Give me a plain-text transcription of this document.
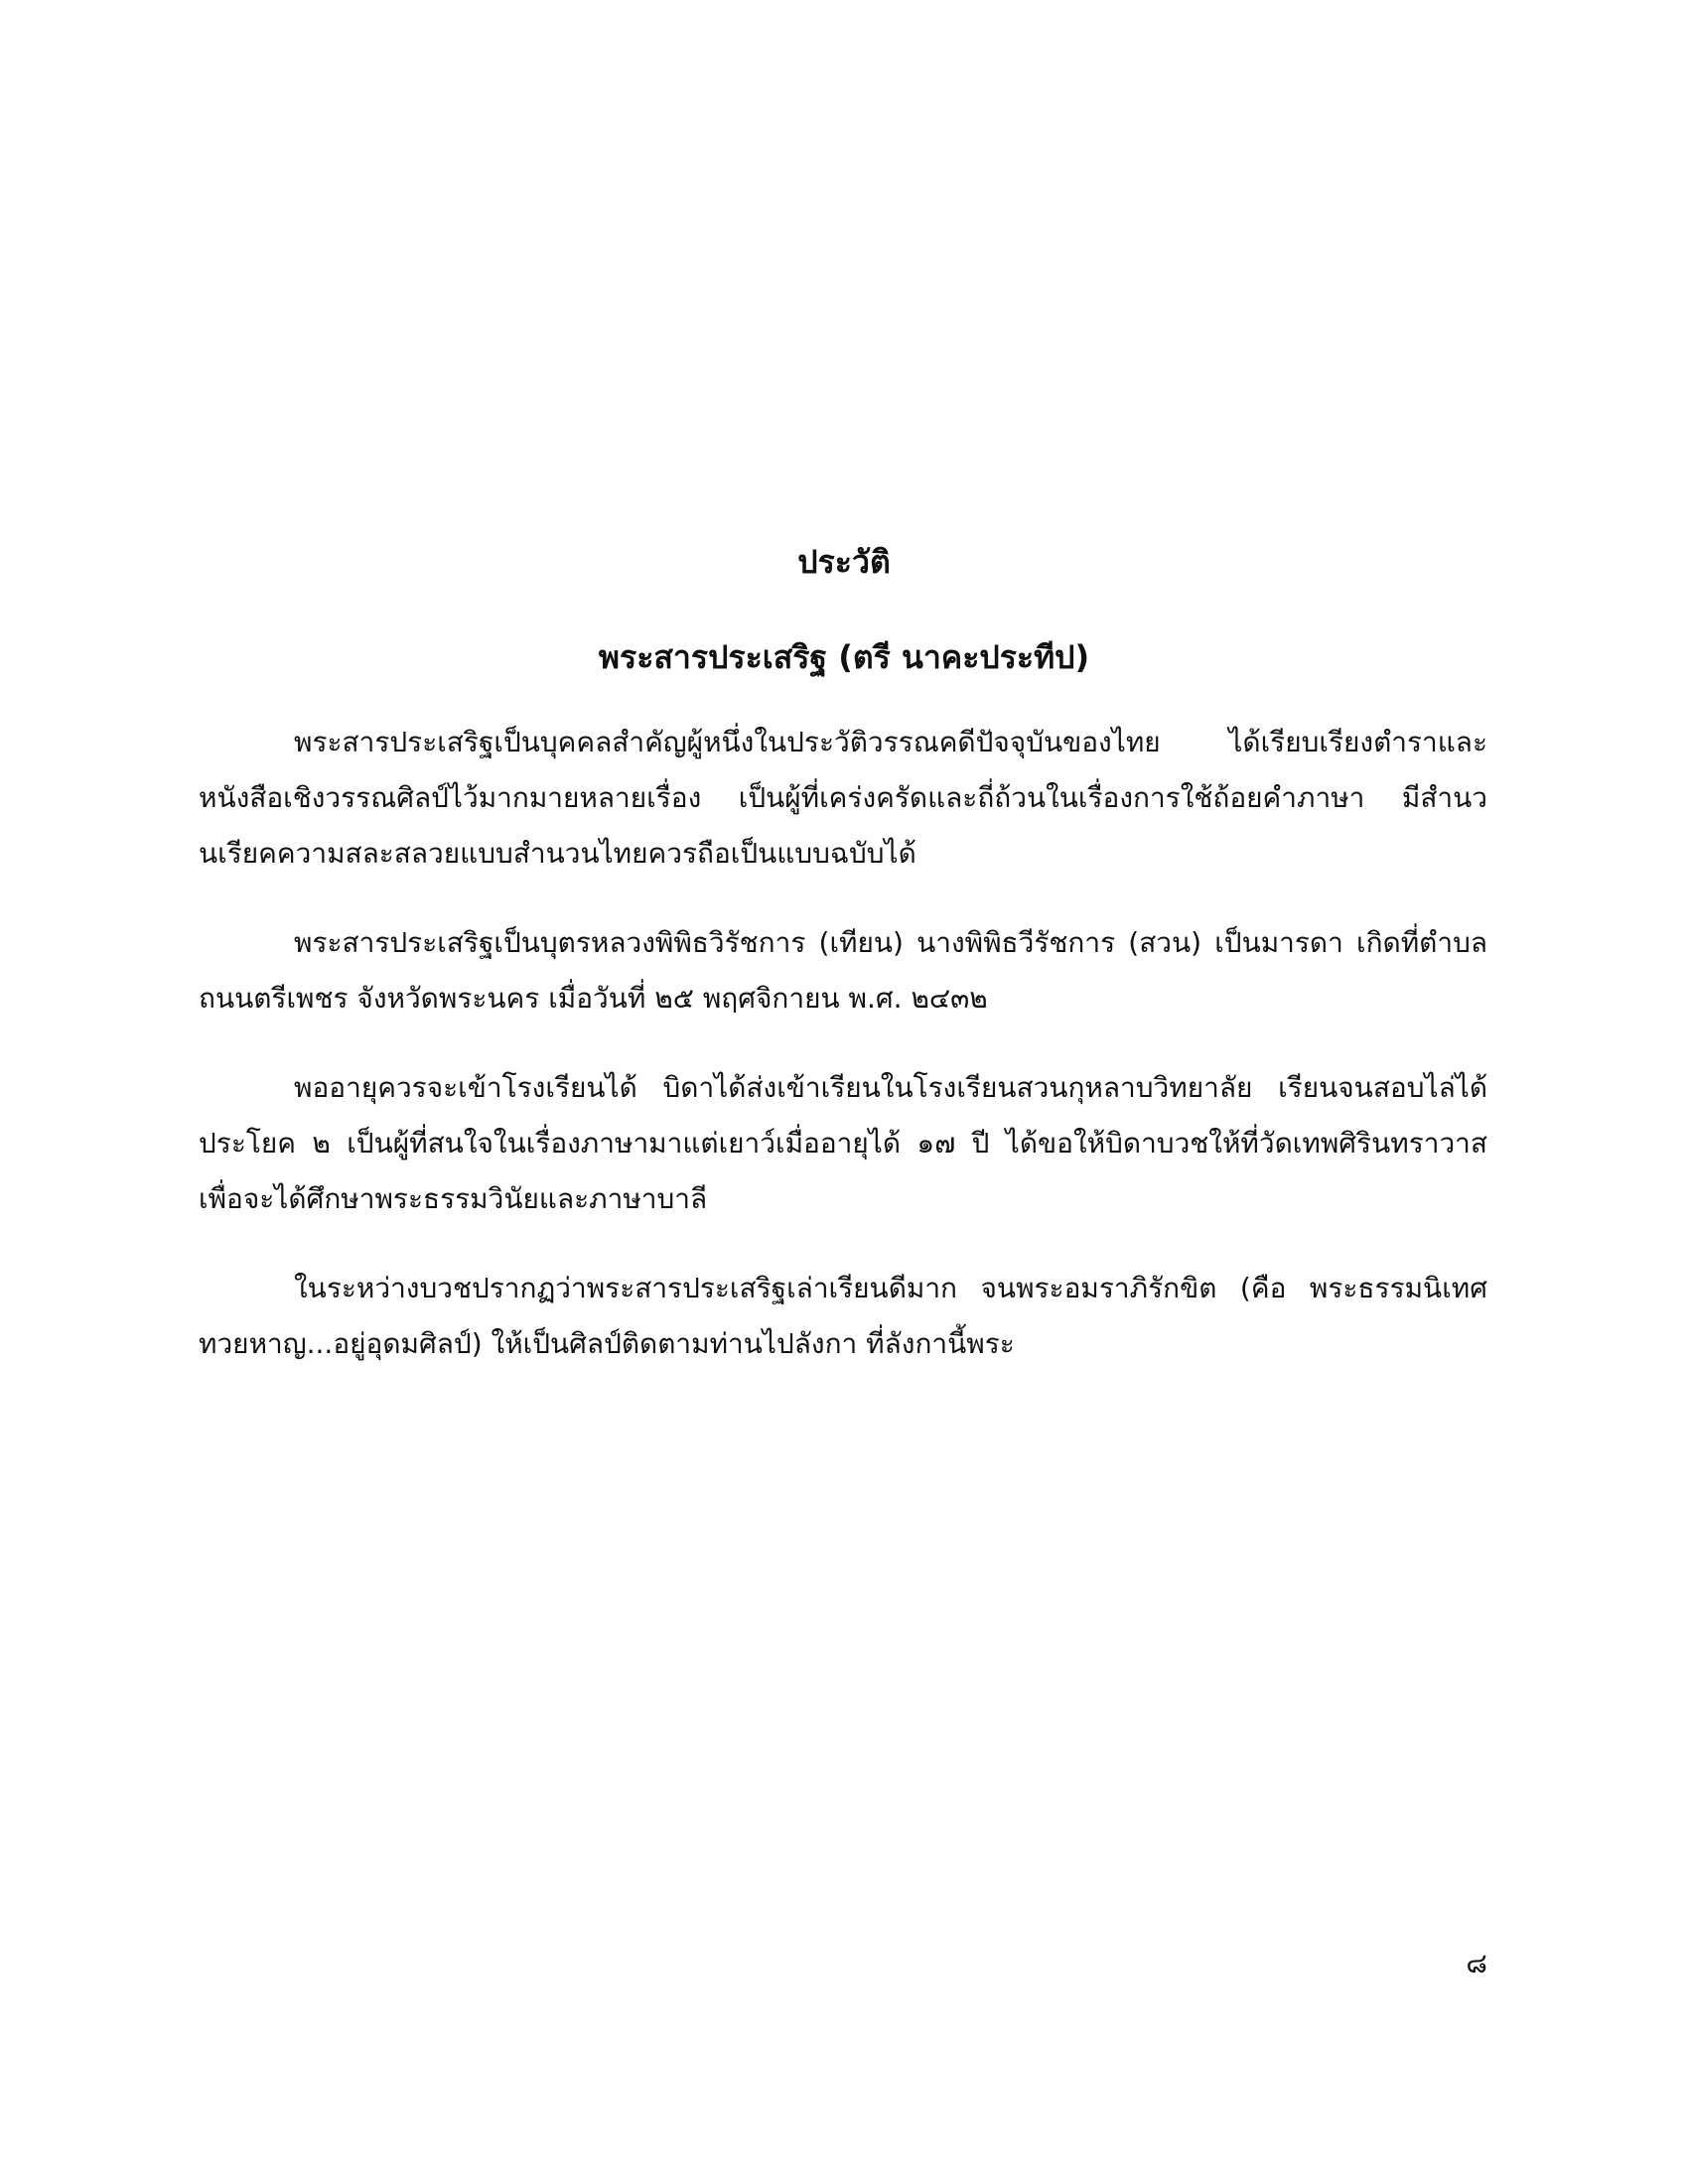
ประวัติ
พระสารประเสริฐ (ตรี นาคะประทีป)

พระสารประเสริฐเป็นบุคคลสำคัญผู้หนึ่งในประวัติวรรณคดีปัจจุบันของไทย ได้เรียบเรียงตำราและหนังสือเชิงวรรณศิลป์ไว้มากมายหลายเรื่อง เป็นผู้ที่เคร่งครัดและถี่ถ้วนในเรื่องการใช้ถ้อยคำภาษา มีสำนวนเรียคความสละสลวยแบบสำนวนไทยควรถือเป็นแบบฉบับได้

พระสารประเสริฐเป็นบุตรหลวงพิพิธวิรัชการ (เทียน) นางพิพิธวีรัชการ (สวน) เป็นมารดา เกิดที่ตำบลถนนตรีเพชร จังหวัดพระนคร เมื่อวันที่ ๒๕ พฤศจิกายน พ.ศ. ๒๔๓๒

พออายุควรจะเข้าโรงเรียนได้ บิดาได้ส่งเข้าเรียนในโรงเรียนสวนกุหลาบวิทยาลัย เรียนจนสอบไล่ได้ประโยค ๒ เป็นผู้ที่สนใจในเรื่องภาษามาแต่เยาว์เมื่ออายุได้ ๑๗ ปี ได้ขอให้บิดาบวชให้ที่วัดเทพศิรินทราวาส เพื่อจะได้ศึกษาพระธรรมวินัยและภาษาบาลี

ในระหว่างบวชปรากฏว่าพระสารประเสริฐเล่าเรียนดีมาก จนพระอมราภิรักขิต (คือ พระธรรมนิเทศทวยหาญ...อยู่อุดมศิลป์) ให้เป็นศิลป์ติดตามท่านไปลังกา ที่ลังกานี้พระ

๘
